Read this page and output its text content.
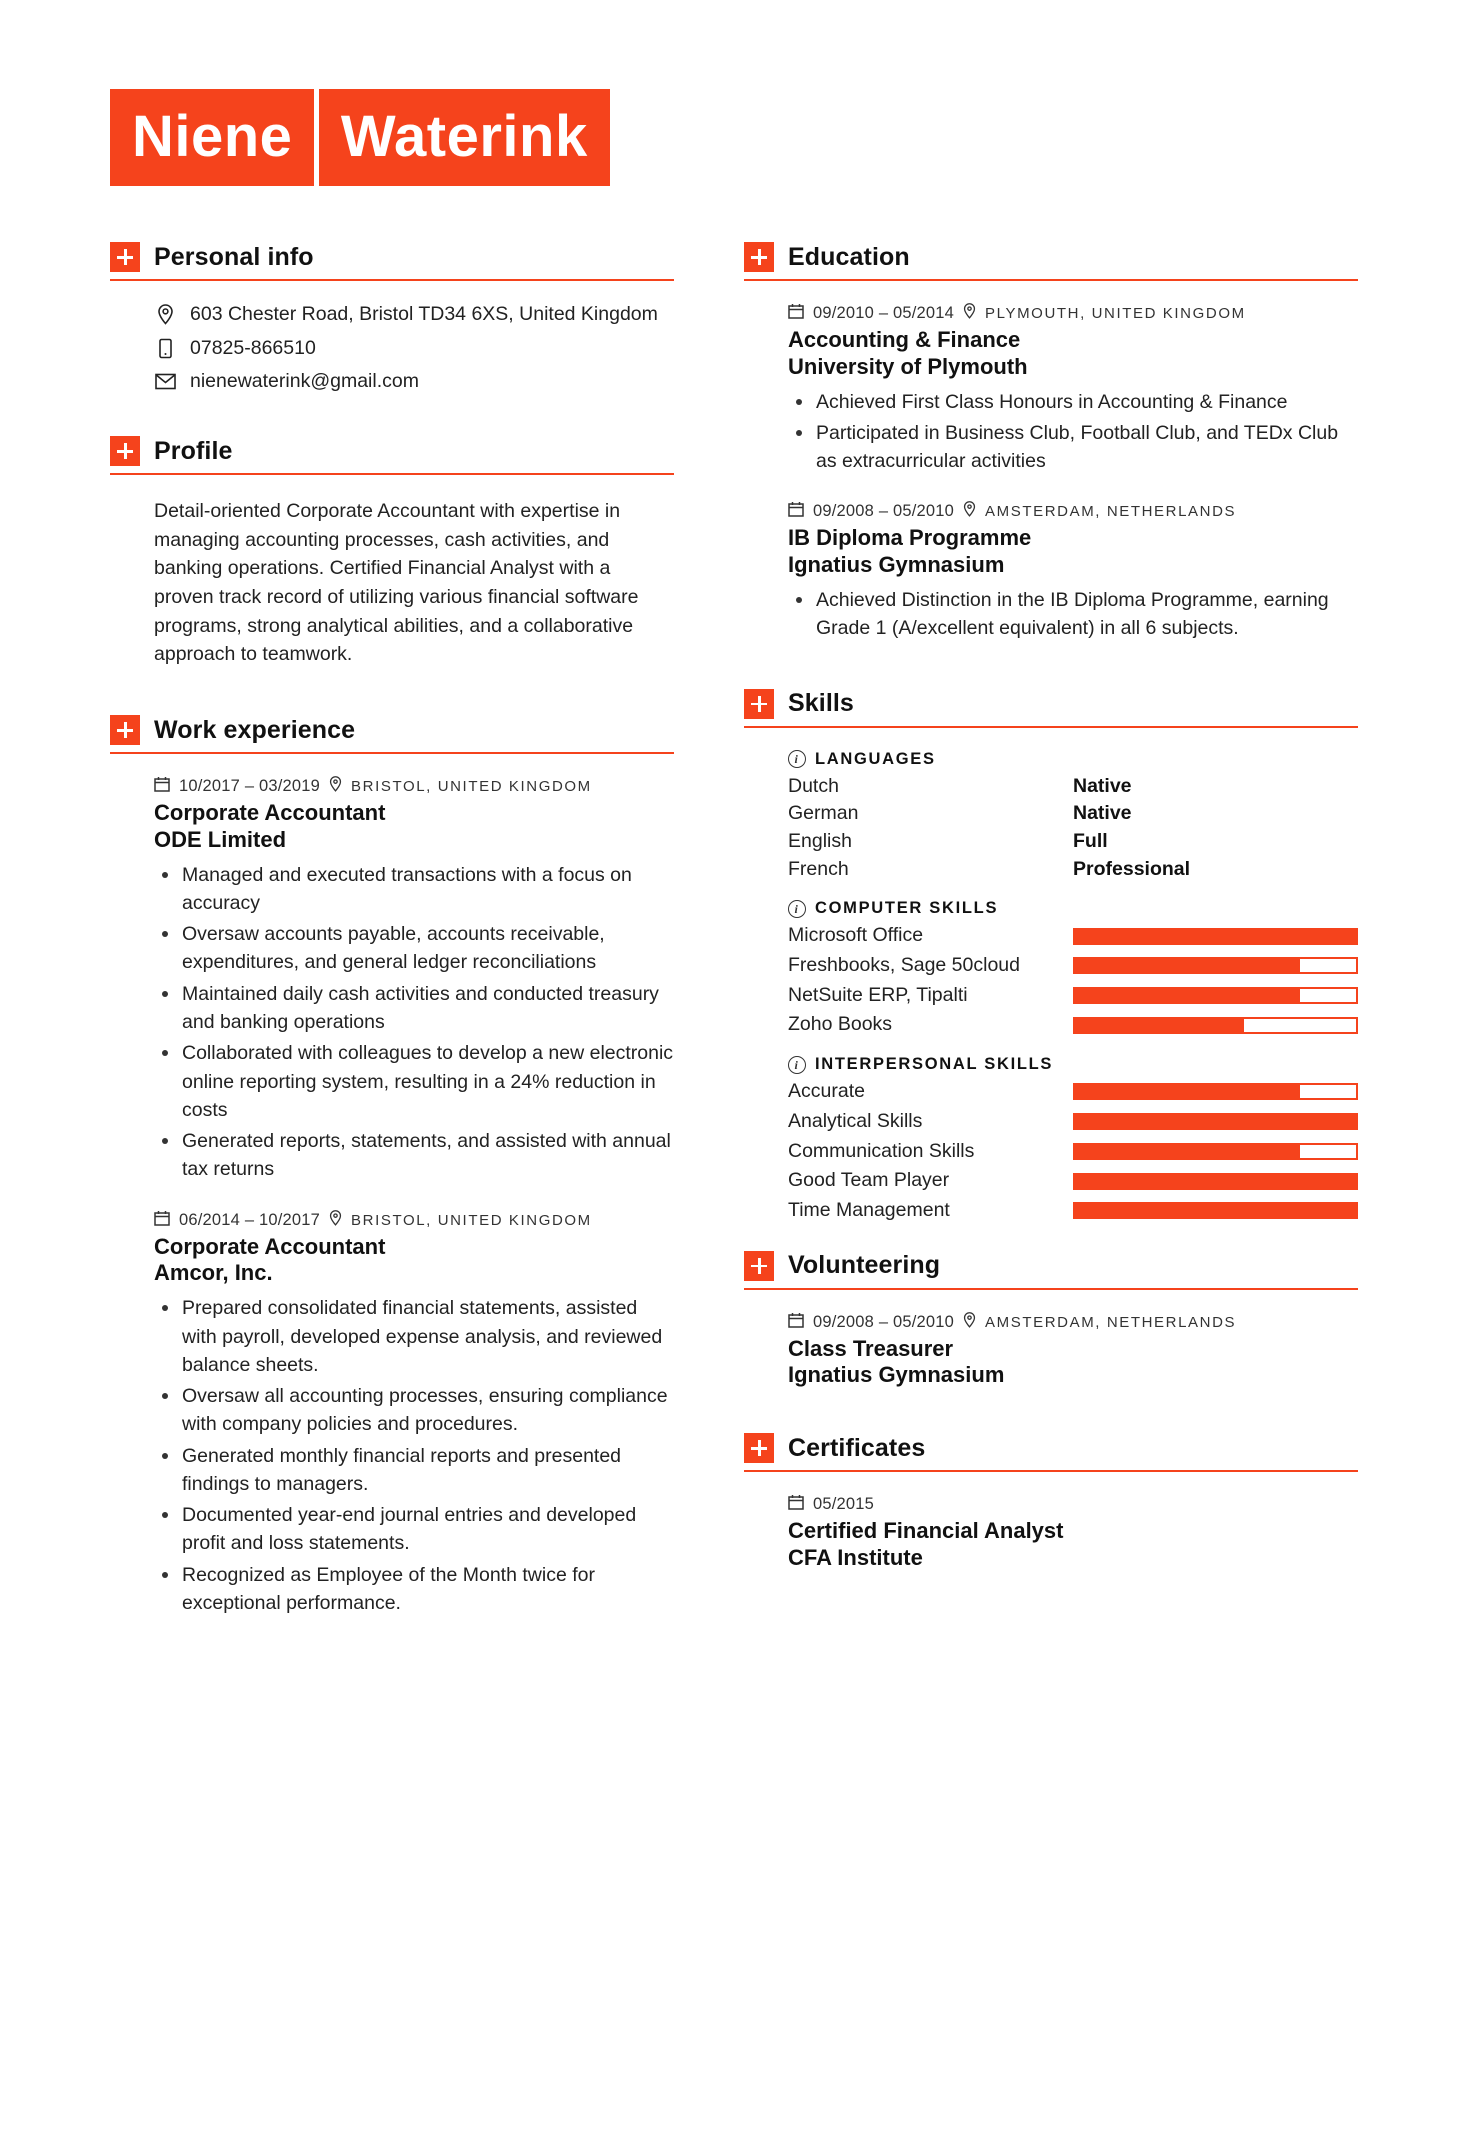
Niene Waterink
Personal info
603 Chester Road, Bristol TD34 6XS, United Kingdom
07825-866510
nienewaterink@gmail.com
Profile

Detail-oriented Corporate Accountant with expertise in managing accounting processes, cash activities, and banking operations. Certified Financial Analyst with a proven track record of utilizing various financial software programs, strong analytical abilities, and a collaborative approach to teamwork.

Work experience
10/2017 – 03/2019 BRISTOL, UNITED KINGDOM
Corporate Accountant
ODE Limited
Managed and executed transactions with a focus on accuracy
Oversaw accounts payable, accounts receivable, expenditures, and general ledger reconciliations
Maintained daily cash activities and conducted treasury and banking operations
Collaborated with colleagues to develop a new electronic online reporting system, resulting in a 24% reduction in costs
Generated reports, statements, and assisted with annual tax returns
06/2014 – 10/2017 BRISTOL, UNITED KINGDOM
Corporate Accountant
Amcor, Inc.
Prepared consolidated financial statements, assisted with payroll, developed expense analysis, and reviewed balance sheets.
Oversaw all accounting processes, ensuring compliance with company policies and procedures.
Generated monthly financial reports and presented findings to managers.
Documented year-end journal entries and developed profit and loss statements.
Recognized as Employee of the Month twice for exceptional performance.
Education
09/2010 – 05/2014 PLYMOUTH, UNITED KINGDOM
Accounting & Finance
University of Plymouth
Achieved First Class Honours in Accounting & Finance
Participated in Business Club, Football Club, and TEDx Club as extracurricular activities
09/2008 – 05/2010 AMSTERDAM, NETHERLANDS
IB Diploma Programme
Ignatius Gymnasium
Achieved Distinction in the IB Diploma Programme, earning Grade 1 (A/excellent equivalent) in all 6 subjects.
Skills
i LANGUAGES
Dutch	Native
German	Native
English	Full
French	Professional
i COMPUTER SKILLS
Microsoft Office
Freshbooks, Sage 50cloud
NetSuite ERP, Tipalti
Zoho Books
i INTERPERSONAL SKILLS
Accurate
Analytical Skills
Communication Skills
Good Team Player
Time Management
Volunteering
09/2008 – 05/2010 AMSTERDAM, NETHERLANDS
Class Treasurer
Ignatius Gymnasium
Certificates
05/2015
Certified Financial Analyst
CFA Institute
